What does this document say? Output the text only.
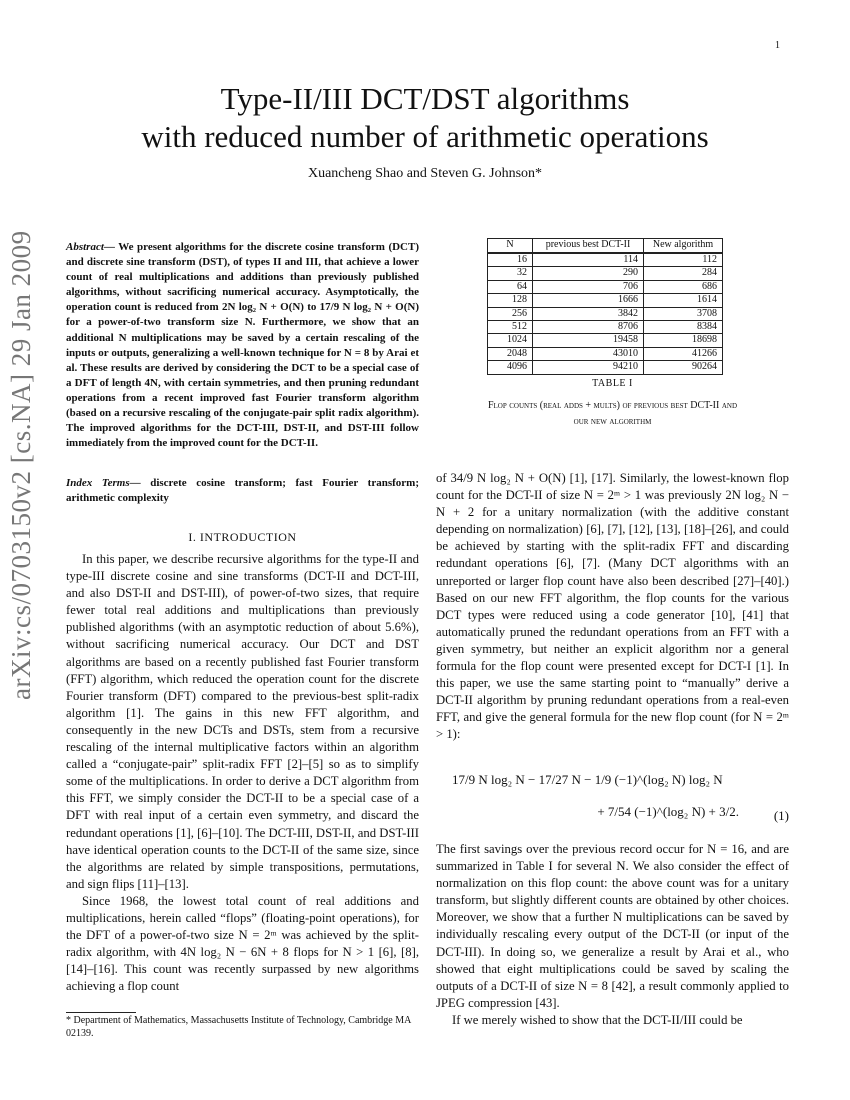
1
arXiv:cs/0703150v2 [cs.NA] 29 Jan 2009
Type-II/III DCT/DST algorithms
with reduced number of arithmetic operations
Xuancheng Shao and Steven G. Johnson*
Abstract— We present algorithms for the discrete cosine transform (DCT) and discrete sine transform (DST), of types II and III, that achieve a lower count of real multiplications and additions than previously published algorithms, without sacrificing numerical accuracy. Asymptotically, the operation count is reduced from 2N log₂ N + O(N) to 17/9 N log₂ N + O(N) for a power-of-two transform size N. Furthermore, we show that an additional N multiplications may be saved by a certain rescaling of the inputs or outputs, generalizing a well-known technique for N = 8 by Arai et al. These results are derived by considering the DCT to be a special case of a DFT of length 4N, with certain symmetries, and then pruning redundant operations from a recent improved fast Fourier transform algorithm (based on a recursive rescaling of the conjugate-pair split radix algorithm). The improved algorithms for the DCT-III, DST-II, and DST-III follow immediately from the improved count for the DCT-II.
Index Terms— discrete cosine transform; fast Fourier transform; arithmetic complexity
I. INTRODUCTION

In this paper, we describe recursive algorithms for the type-II and type-III discrete cosine and sine transforms (DCT-II and DCT-III, and also DST-II and DST-III), of power-of-two sizes, that require fewer total real additions and multiplications than previously published algorithms (with an asymptotic reduction of about 5.6%), without sacrificing numerical accuracy. Our DCT and DST algorithms are based on a recently published fast Fourier transform (FFT) algorithm, which reduced the operation count for the discrete Fourier transform (DFT) compared to the previous-best split-radix algorithm [1]. The gains in this new FFT algorithm, and consequently in the new DCTs and DSTs, stem from a recursive rescaling of the internal multiplicative factors within an algorithm called a “conjugate-pair” split-radix FFT [2]–[5] so as to simplify some of the multiplications. In order to derive a DCT algorithm from this FFT, we simply consider the DCT-II to be a special case of a DFT with real input of a certain even symmetry, and discard the redundant operations [1], [6]–[10]. The DCT-III, DST-II, and DST-III have identical operation counts to the DCT-II of the same size, since the algorithms are related by simple transpositions, permutations, and sign flips [11]–[13].

Since 1968, the lowest total count of real additions and multiplications, herein called “flops” (floating-point operations), for the DFT of a power-of-two size N = 2ᵐ was achieved by the split-radix algorithm, with 4N log₂ N − 6N + 8 flops for N > 1 [6], [8], [14]–[16]. This count was recently surpassed by new algorithms achieving a flop count

* Department of Mathematics, Massachusetts Institute of Technology, Cambridge MA 02139.
N	previous best DCT-II	New algorithm
16	114	112
32	290	284
64	706	686
128	1666	1614
256	3842	3708
512	8706	8384
1024	19458	18698
2048	43010	41266
4096	94210	90264
TABLE I
Flop counts (real adds + mults) of previous best DCT-II and
our new algorithm

of 34/9 N log₂ N + O(N) [1], [17]. Similarly, the lowest-known flop count for the DCT-II of size N = 2ᵐ > 1 was previously 2N log₂ N − N + 2 for a unitary normalization (with the additive constant depending on normalization) [6], [7], [12], [13], [18]–[26], and could be achieved by starting with the split-radix FFT and discarding redundant operations [6], [7]. (Many DCT algorithms with an unreported or larger flop count have also been described [27]–[40].) Based on our new FFT algorithm, the flop counts for the various DCT types were reduced using a code generator [10], [41] that automatically pruned the redundant operations from an FFT with a given symmetry, but neither an explicit algorithm nor a general formula for the flop count were presented except for DCT-I [1]. In this paper, we use the same starting point to “manually” derive a DCT-II algorithm by pruning redundant operations from a real-even FFT, and give the general formula for the new flop count (for N = 2ᵐ > 1):

17/9 N log₂ N − 17/27 N − 1/9 (−1)^(log₂ N) log₂ N
+ 7/54 (−1)^(log₂ N) + 3/2.	(1)

The first savings over the previous record occur for N = 16, and are summarized in Table I for several N. We also consider the effect of normalization on this flop count: the above count was for a unitary transform, but slightly different counts are obtained by other choices. Moreover, we show that a further N multiplications can be saved by individually rescaling every output of the DCT-II (or input of the DCT-III). In doing so, we generalize a result by Arai et al., who showed that eight multiplications could be saved by scaling the outputs of a DCT-II of size N = 8 [42], a result commonly applied to JPEG compression [43].

If we merely wished to show that the DCT-II/III could be
